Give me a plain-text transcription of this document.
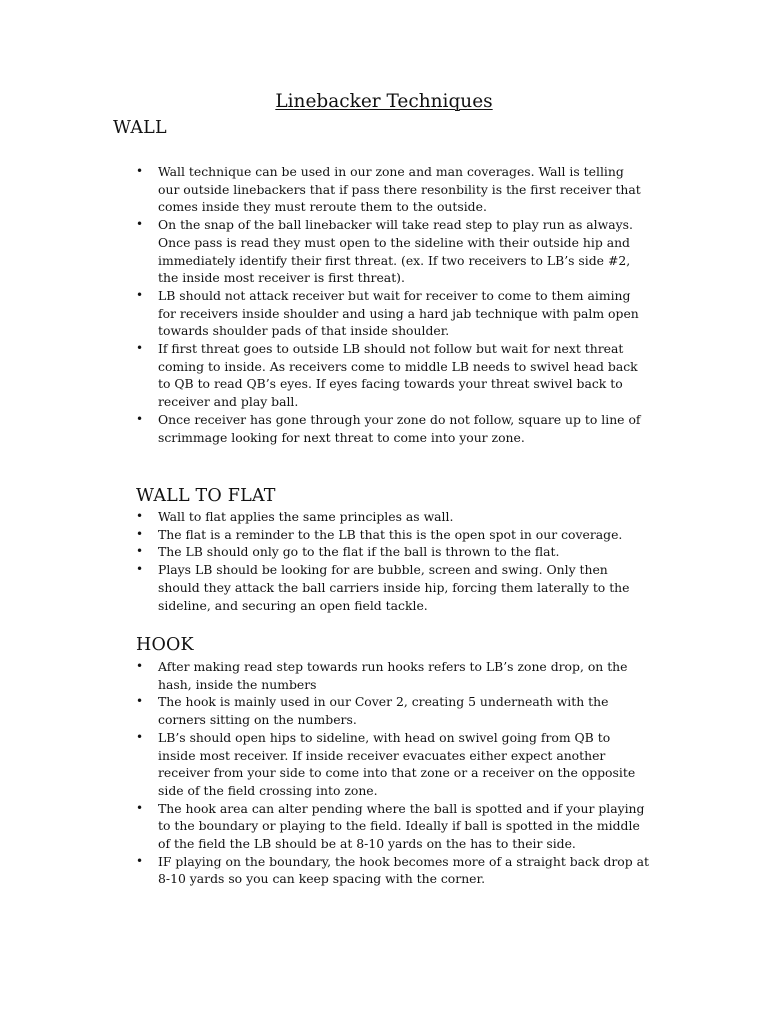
Linebacker Techniques
WALL
•	Wall technique can be used in our zone and man coverages. Wall is telling
our outside linebackers that if pass there resonbility is the first receiver that
comes inside they must reroute them to the outside.
•	On the snap of the ball linebacker will take read step to play run as always.
Once pass is read they must open to the sideline with their outside hip and
immediately identify their first threat. (ex. If two receivers to LB’s side #2,
the inside most receiver is first threat).
•	LB should not attack receiver but wait for receiver to come to them aiming
for receivers inside shoulder and using a hard jab technique with palm open
towards shoulder pads of that inside shoulder.
•	If first threat goes to outside LB should not follow but wait for next threat
coming to inside. As receivers come to middle LB needs to swivel head back
to QB to read QB’s eyes. If eyes facing towards your threat swivel back to
receiver and play ball.
•	Once receiver has gone through your zone do not follow, square up to line of
scrimmage looking for next threat to come into your zone.
WALL TO FLAT
•	Wall to flat applies the same principles as wall.
•	The flat is a reminder to the LB that this is the open spot in our coverage.
•	The LB should only go to the flat if the ball is thrown to the flat.
•	Plays LB should be looking for are bubble, screen and swing. Only then
should they attack the ball carriers inside hip, forcing them laterally to the
sideline, and securing an open field tackle.
HOOK
•	After making read step towards run hooks refers to LB’s zone drop, on the
hash, inside the numbers
•	The hook is mainly used in our Cover 2, creating 5 underneath with the
corners sitting on the numbers.
•	LB’s should open hips to sideline, with head on swivel going from QB to
inside most receiver. If inside receiver evacuates either expect another
receiver from your side to come into that zone or a receiver on the opposite
side of the field crossing into zone.
•	The hook area can alter pending where the ball is spotted and if your playing
to the boundary or playing to the field. Ideally if ball is spotted in the middle
of the field the LB should be at 8-10 yards on the has to their side.
•	IF playing on the boundary, the hook becomes more of a straight back drop at
8-10 yards so you can keep spacing with the corner.
